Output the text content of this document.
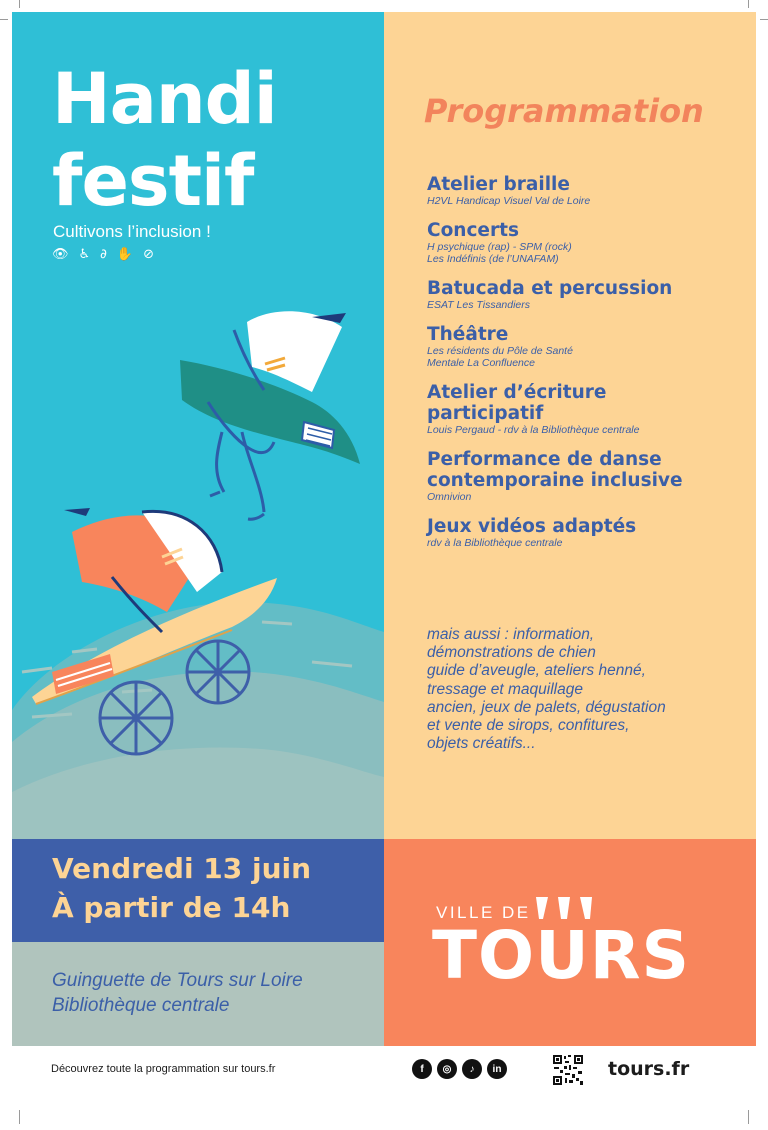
Handi
festif
Cultivons l’inclusion !
👁 ♿ ∂ ✋ ⊘
Programmation
Atelier braille
H2VL Handicap Visuel Val de Loire
Concerts
H psychique (rap) - SPM (rock)
Les Indéfinis (de l’UNAFAM)
Batucada et percussion
ESAT Les Tissandiers
Théâtre
Les résidents du Pôle de Santé
Mentale La Confluence
Atelier d’écriture participatif
Louis Pergaud - rdv à la Bibliothèque centrale
Performance de danse contemporaine inclusive
Omnivion
Jeux vidéos adaptés
rdv à la Bibliothèque centrale
mais aussi : information,
démonstrations de chien
guide d’aveugle, ateliers henné,
tressage et maquillage
ancien, jeux de palets, dégustation
et vente de sirops, confitures,
objets créatifs...
Vendredi 13 juin
À partir de 14h
Guinguette de Tours sur Loire
Bibliothèque centrale
VILLE DE
TOURS
Découvrez toute la programmation sur tours.fr	f	◎	♪	in	tours.fr
